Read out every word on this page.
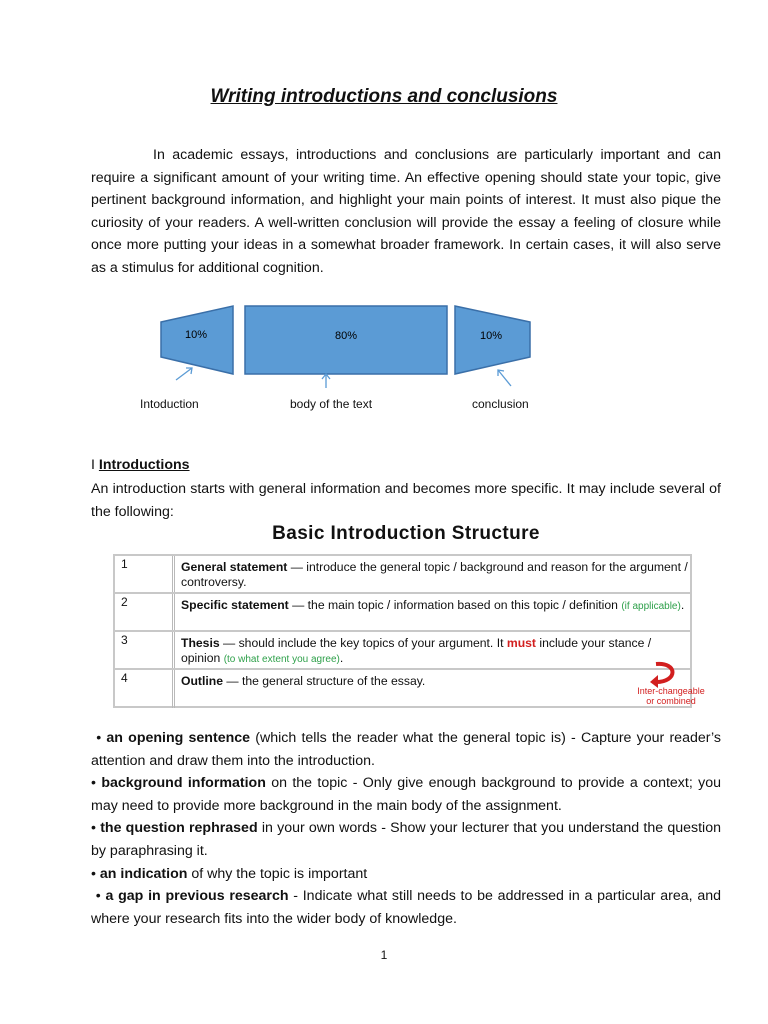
Writing introductions and conclusions

In academic essays, introductions and conclusions are particularly important and can require a significant amount of your writing time. An effective opening should state your topic, give pertinent background information, and highlight your main points of interest. It must also pique the curiosity of your readers. A well-written conclusion will provide the essay a feeling of closure while once more putting your ideas in a somewhat broader framework. In certain cases, it will also serve as a stimulus for additional cognition.

10%	80%	10%
Intoduction	body of the text	conclusion
I Introductions

An introduction starts with general information and becomes more specific. It may include several of the following:

Basic Introduction Structure
1	General statement — introduce the general topic / background and reason for the argument / controversy.
2	Specific statement — the main topic / information based on this topic / definition (if applicable).
3	Thesis — should include the key topics of your argument. It must include your stance / opinion (to what extent you agree).
4	Outline — the general structure of the essay.
Inter-changeable
or combined

• an opening sentence (which tells the reader what the general topic is) - Capture your reader’s attention and draw them into the introduction.

• background information on the topic - Only give enough background to provide a context; you may need to provide more background in the main body of the assignment.

• the question rephrased in your own words - Show your lecturer that you understand the question by paraphrasing it.

• an indication of why the topic is important

• a gap in previous research - Indicate what still needs to be addressed in a particular area, and where your research fits into the wider body of knowledge.

1
